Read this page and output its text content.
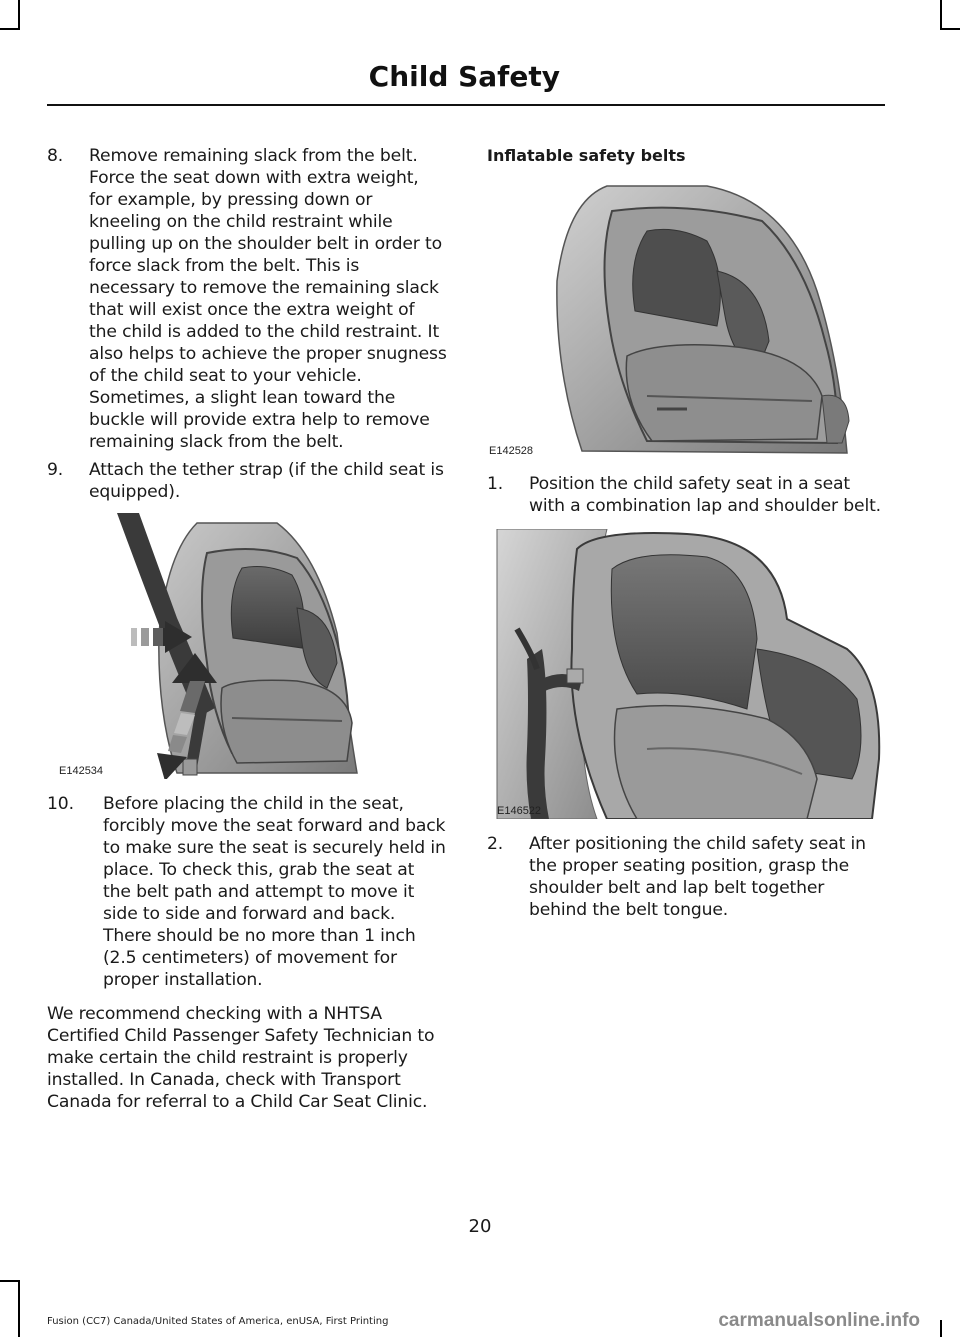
Child Safety
8. Remove remaining slack from the belt. Force the seat down with extra weight, for example, by pressing down or kneeling on the child restraint while pulling up on the shoulder belt in order to force slack from the belt. This is necessary to remove the remaining slack that will exist once the extra weight of the child is added to the child restraint. It also helps to achieve the proper snugness of the child seat to your vehicle. Sometimes, a slight lean toward the buckle will provide extra help to remove remaining slack from the belt.
9. Attach the tether strap (if the child seat is equipped).
E142534
10. Before placing the child in the seat, forcibly move the seat forward and back to make sure the seat is securely held in place. To check this, grab the seat at the belt path and attempt to move it side to side and forward and back. There should be no more than 1 inch (2.5 centimeters) of movement for proper installation.

We recommend checking with a NHTSA Certified Child Passenger Safety Technician to make certain the child restraint is properly installed. In Canada, check with Transport Canada for referral to a Child Car Seat Clinic.

Inflatable safety belts
E142528
1. Position the child safety seat in a seat with a combination lap and shoulder belt.
E146522
2. After positioning the child safety seat in the proper seating position, grasp the shoulder belt and lap belt together behind the belt tongue.
20
Fusion (CC7) Canada/United States of America, enUSA, First Printing	carmanualsonline.info
